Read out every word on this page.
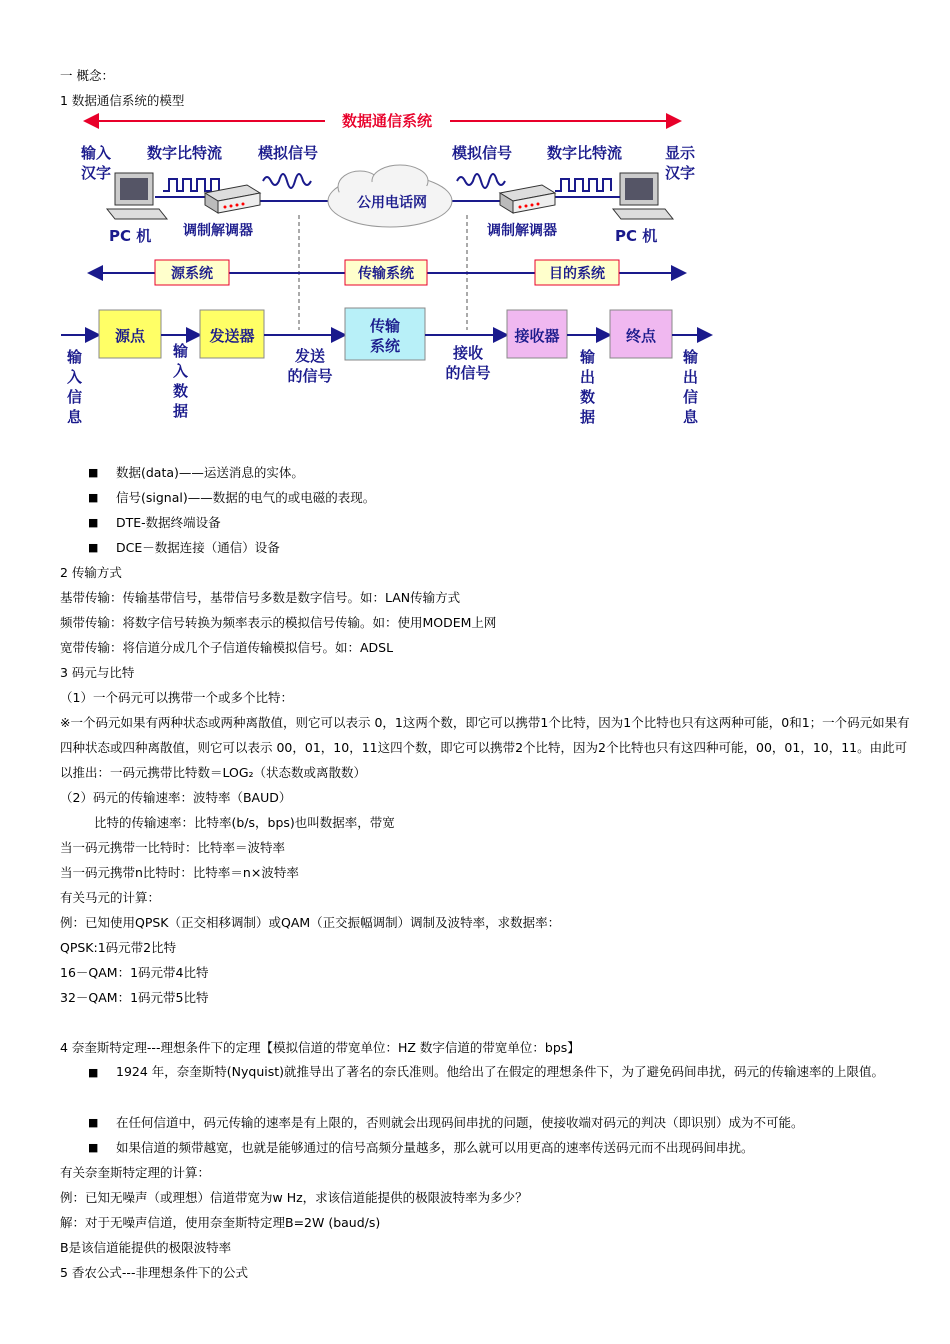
一 概念：
1 数据通信系统的模型
数据通信系统
输入汉字
数字比特流 模拟信号	模拟信号 数字比特流	显示汉字
PC 机	PC 机
调制解调器	调制解调器
公用电话网
源系统	传输系统	目的系统
源点	发送器
传输系统
接收器	终点
输入信息
输入数据
发送的信号
接收的信号
输出数据
输出信息
■ 数据(data)——运送消息的实体。
■ 信号(signal)——数据的电气的或电磁的表现。
■ DTE-数据终端设备
■ DCE－数据连接（通信）设备
2 传输方式
基带传输：传输基带信号，基带信号多数是数字信号。如：LAN传输方式
频带传输：将数字信号转换为频率表示的模拟信号传输。如：使用MODEM上网
宽带传输：将信道分成几个子信道传输模拟信号。如：ADSL
3 码元与比特
（1）一个码元可以携带一个或多个比特：
※一个码元如果有两种状态或两种离散值，则它可以表示 0，1这两个数，即它可以携带1个比特，因为1个比特也只有这两种可能，0和1；一个码元如果有四种状态或四种离散值，则它可以表示 00，01，10，11这四个数，即它可以携带2个比特，因为2个比特也只有这四种可能，00，01，10，11。由此可以推出：一码元携带比特数＝LOG₂（状态数或离散数）
（2）码元的传输速率：波特率（BAUD）
比特的传输速率：比特率(b/s，bps)也叫数据率，带宽
当一码元携带一比特时：比特率＝波特率
当一码元携带n比特时：比特率＝n×波特率
有关马元的计算：
例：已知使用QPSK（正交相移调制）或QAM（正交振幅调制）调制及波特率，求数据率：
QPSK:1码元带2比特
16－QAM：1码元带4比特
32－QAM：1码元带5比特
4 奈奎斯特定理---理想条件下的定理【模拟信道的带宽单位：HZ 数字信道的带宽单位：bps】
■ 1924 年，奈奎斯特(Nyquist)就推导出了著名的奈氏准则。他给出了在假定的理想条件下，为了避免码间串扰，码元的传输速率的上限值。
■ 在任何信道中，码元传输的速率是有上限的，否则就会出现码间串扰的问题，使接收端对码元的判决（即识别）成为不可能。
■ 如果信道的频带越宽，也就是能够通过的信号高频分量越多，那么就可以用更高的速率传送码元而不出现码间串扰。
有关奈奎斯特定理的计算：
例：已知无噪声（或理想）信道带宽为w Hz，求该信道能提供的极限波特率为多少？
解：对于无噪声信道，使用奈奎斯特定理B=2W (baud/s)
B是该信道能提供的极限波特率
5 香农公式---非理想条件下的公式
